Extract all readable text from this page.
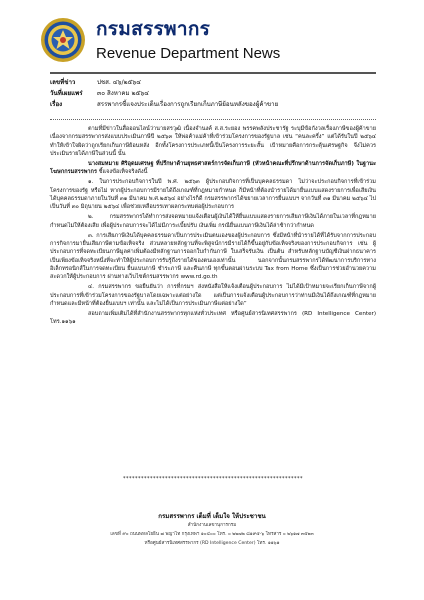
กรมสรรพากร
Revenue Department News
เลขที่ข่าว	ปชส. ๔๖/๒๕๖๔
วันที่เผยแพร่ ๓๐ สิงหาคม ๒๕๖๔
เรื่อง	สรรพากรชี้แจงประเด็นเรื่องการถูกเรียกเก็บภาษีย้อนหลังของผู้ค้าขาย

ตามที่มีข่าวในสื่อออนไลน์ว่านายสรวุฒิ เนื่องจำนงค์ ส.ส.ระยอง พรรคพลังประชารัฐ ระบุมีข้อกังวลเรื่องภาษีของผู้ค้าขาย เนื่องจากกรมสรรพากรส่งแบบประเมินภาษีปี ๒๕๖๓ ให้พ่อค้าแม่ค้าที่เข้าร่วมโครงการของรัฐบาล เช่น “คนละครึ่ง” แต่ได้รับในปี ๒๕๖๔ ทำให้เข้าใจผิดว่าถูกเรียกเก็บภาษีย้อนหลัง อีกทั้งโครงการประเภทนี้เป็นโครงการระยะสั้น เป้าหมายคือการกระตุ้นเศรษฐกิจ จึงไม่ควรประเมินรายได้ภาษีในส่วนนี้ นั้น

นางสมหมาย ศิริอุดมเศรษฐ ที่ปรึกษาด้านยุทธศาสตร์การจัดเก็บภาษี (หัวหน้าคณะที่ปรึกษาด้านการจัดเก็บภาษี) ในฐานะโฆษกกรมสรรพากร ชี้แจงข้อเท็จจริงดังนี้

๑. ในการประกอบกิจการในปี พ.ศ. ๒๕๖๓ ผู้ประกอบกิจการที่เป็นบุคคลธรรมดา ไม่ว่าจะประกอบกิจการที่เข้าร่วมโครงการของรัฐ หรือไม่ หากผู้ประกอบการมีรายได้ถึงเกณฑ์ที่กฎหมายกำหนด ก็มีหน้าที่ต้องนำรายได้มายื่นแบบแสดงรายการเพื่อเสียเงินได้บุคคลธรรมดาภายในวันที่ ๓๑ มีนาคม พ.ศ.๒๕๖๔ อย่างไรก็ดี กรมสรรพากรได้ขยายเวลาการยื่นแบบฯ จากวันที่ ๓๑ มีนาคม ๒๕๖๔ ไปเป็นวันที่ ๓๐ มิถุนายน ๒๕๖๔ เพื่อช่วยเหลือบรรเทาผลกระทบต่อผู้ประกอบการ

๒. กรมสรรพากรได้ทำการส่งจดหมายแจ้งเตือนผู้เงินได้ให้ยื่นแบบแสดงรายการเสียภาษีเงินได้ภายในเวลาที่กฎหมายกำหนดไม่ให้ต้องเสีย เพื่อผู้ประกอบการจะได้ไม่มีภาระเบี้ยปรับ เงินเพิ่ม กรณียื่นแบบภาษีเงินได้ล่าช้ากว่ากำหนด

๓. การเสียภาษีเงินได้บุคคลธรรมดาเป็นการประเมินตนเองของผู้ประกอบการ ซึ่งมีหน้าที่นำรายได้ที่ได้รับจากการประกอบการกิจการมายื่นเสียภาษีตามข้อเท็จจริง ส่วนหลายหลักฐานที่จะพิสูจน์การมีรายได้ก็ขึ้นอยู่กับข้อเท็จจริงของการประกอบกิจการ เช่น ผู้ประกอบการที่จดทะเบียนภาษีมูลค่าเพิ่มต้องมีหลักฐานการออกใบกำกับภาษี ใบเสร็จรับเงิน เป็นต้น สำหรับหลักฐานบัญชีเงินฝากธนาคาร เป็นเพียงข้อเท็จจริงหนึ่งที่จะทำให้ผู้ประกอบการรับรู้ถึงรายได้ของตนเองเท่านั้น นอกจากนั้นกรมสรรพากรได้พัฒนาการบริการทางอิเล็กทรอนิกส์ในการจดทะเบียน ยื่นแบบภาษี ชำระภาษี และคืนภาษี ทุกขั้นตอนผ่านระบบ Tax from Home ซึ่งเป็นการช่วยอำนวยความสะดวกให้ผู้ประกอบการ ผ่านทางเว็บไซต์กรมสรรพากร www.rd.go.th

๔. กรมสรรพากร ขอยืนยันว่า การที่กรมฯ ส่งหนังสือให้แจ้งเตือนผู้ประกอบการ ไม่ได้มีเป้าหมายจะเรียกเก็บภาษีจากผู้ประกอบการที่เข้าร่วมโครงการของรัฐบาลโดยเฉพาะแต่อย่างใด แต่เป็นการแจ้งเตือนผู้ประกอบการว่าท่านมีเงินได้ถึงเกณฑ์ที่กฎหมายกำหนดและมีหน้าที่ต้องยื่นแบบฯ เท่านั้น และไม่ได้เป็นการประเมินภาษีแต่อย่างใด”

สอบถามเพิ่มเติมได้ที่สำนักงานสรรพากรทุกแห่งทั่วประเทศ หรือศูนย์สารนิเทศสรรพากร (RD Intelligence Center) โทร.๑๑๖๑

************************************************************
กรมสรรพากร เต็มที่ เต็มใจ ให้ประชาชน
สำนักงานเลขานุการกรม
เลขที่ ๙๐ ถนนพหลโยธิน ๗ พญาไท กรุงเทพฯ ๑๐๔๐๐ โทร. ๐ ๒๒๗๒ ๘๑๙๕-๖ โทรสาร ๐ ๒๖๑๗ ๓๕๒๓
หรือศูนย์สารนิเทศสรรพากร (RD Intelligence Center) โทร. ๑๑๖๑
